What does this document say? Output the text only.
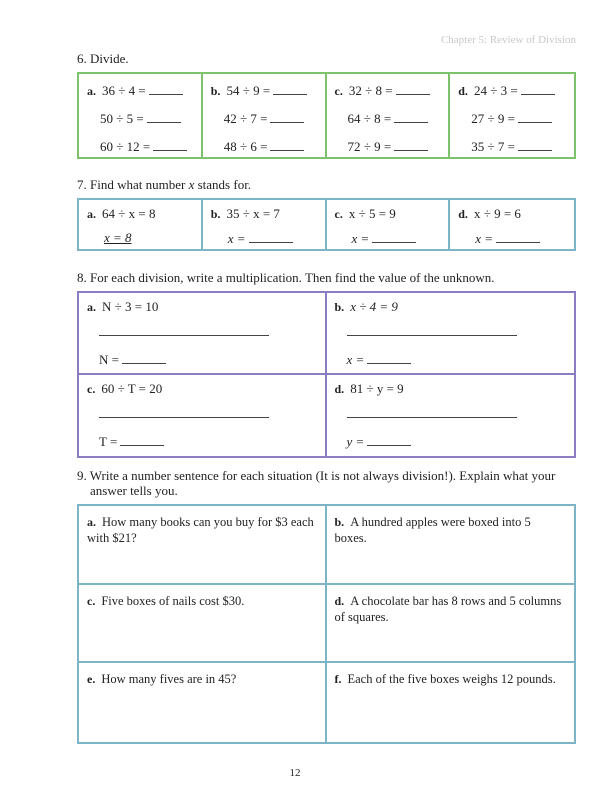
Chapter 5: Review of Division
6. Divide.
a. 36 ÷ 4 =
50 ÷ 5 =
60 ÷ 12 =
b. 54 ÷ 9 =
42 ÷ 7 =
48 ÷ 6 =
c. 32 ÷ 8 =
64 ÷ 8 =
72 ÷ 9 =
d. 24 ÷ 3 =
27 ÷ 9 =
35 ÷ 7 =
7. Find what number x stands for.
a. 64 ÷ x = 8
x = 8
b. 35 ÷ x = 7
x =
c. x ÷ 5 = 9
x =
d. x ÷ 9 = 6
x =
8. For each division, write a multiplication. Then find the value of the unknown.
a. N ÷ 3 = 10
N =
b. x ÷ 4 = 9
x =
c. 60 ÷ T = 20
T =
d. 81 ÷ y = 9
y =
9. Write a number sentence for each situation (It is not always division!). Explain what your
answer tells you.
a. How many books can you buy for $3 each with $21?
b. A hundred apples were boxed into 5 boxes.
c. Five boxes of nails cost $30.	d. A chocolate bar has 8 rows and 5 columns of squares.
e. How many fives are in 45?	f. Each of the five boxes weighs 12 pounds.
12
